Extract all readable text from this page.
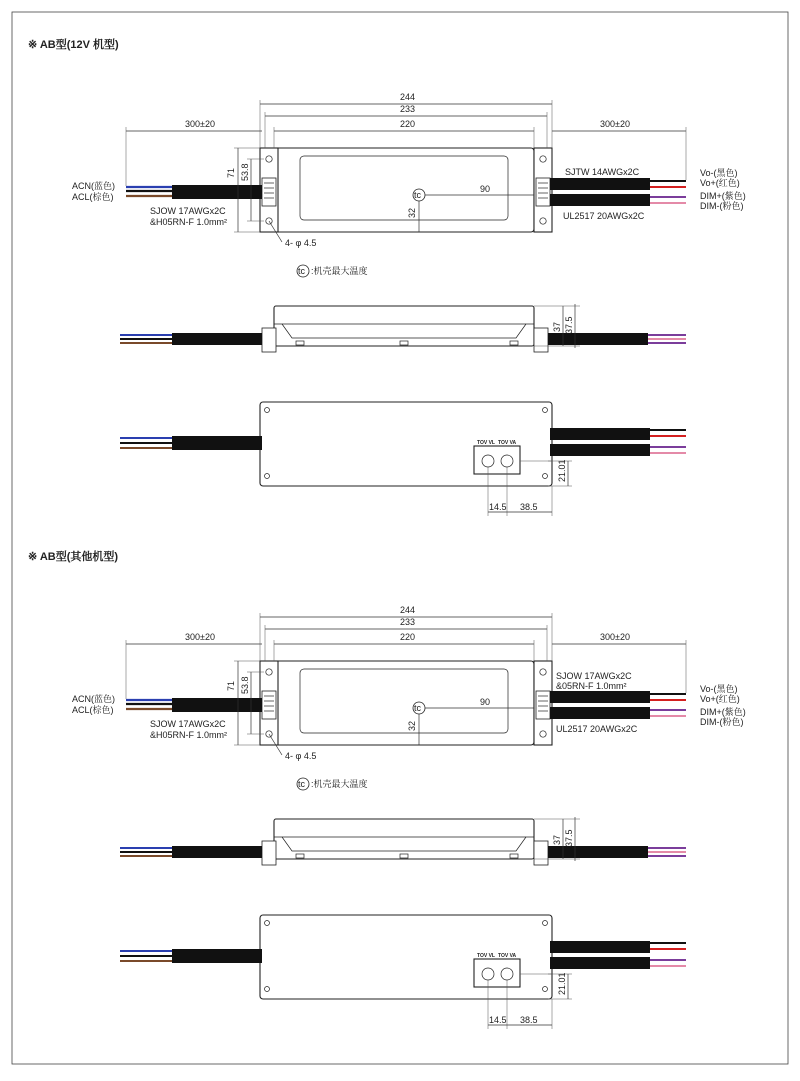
※ AB型(12V 机型)
244
233
220
300±20	300±20
71 53.8
90
32
tc
4- φ 4.5
ACN(蓝色)
ACL(棕色)
SJOW 17AWGx2C
&H05RN-F 1.0mm²
SJTW 14AWGx2C
UL2517 20AWGx2C
Vo-(黑色)
Vo+(红色)
DIM+(紫色)
DIM-(粉色)
tc :机壳最大温度
37 37.5
TOV VL TOV VA
21.01
14.5 38.5
※ AB型(其他机型)
244
233
220
300±20	300±20
71 53.8
90
32
tc
4- φ 4.5
ACN(蓝色)
ACL(棕色)
SJOW 17AWGx2C
&H05RN-F 1.0mm²
SJOW 17AWGx2C
&05RN-F 1.0mm²
UL2517 20AWGx2C
Vo-(黑色)
Vo+(红色)
DIM+(紫色)
DIM-(粉色)
tc :机壳最大温度
37 37.5
TOV VL TOV VA
21.01
14.5 38.5
